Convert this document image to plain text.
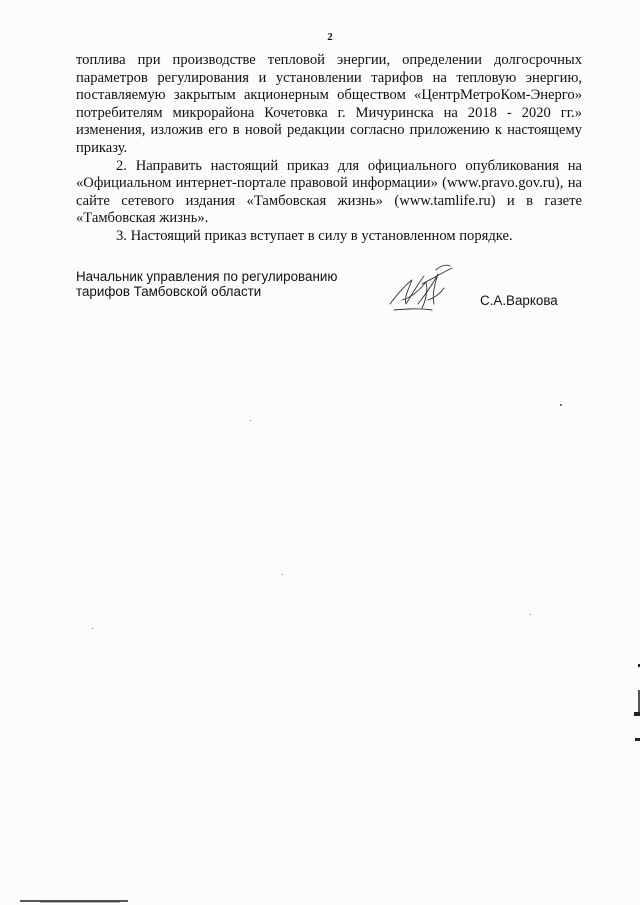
2

топлива при производстве тепловой энергии, определении долгосрочных параметров регулирования и установлении тарифов на тепловую энергию, поставляемую закрытым акционерным обществом «ЦентрМетроКом-Энерго» потребителям микрорайона Кочетовка г. Мичуринска на 2018 - 2020 гг.» изменения, изложив его в новой редакции согласно приложению к настоящему приказу.

2. Направить настоящий приказ для официального опубликования на «Официальном интернет-портале правовой информации» (www.pravo.gov.ru), на сайте сетевого издания «Тамбовская жизнь» (www.tamlife.ru) и в газете «Тамбовская жизнь».

3. Настоящий приказ вступает в силу в установленном порядке.

Начальник управления по регулированию
тарифов Тамбовской области
С.А.Варкова
